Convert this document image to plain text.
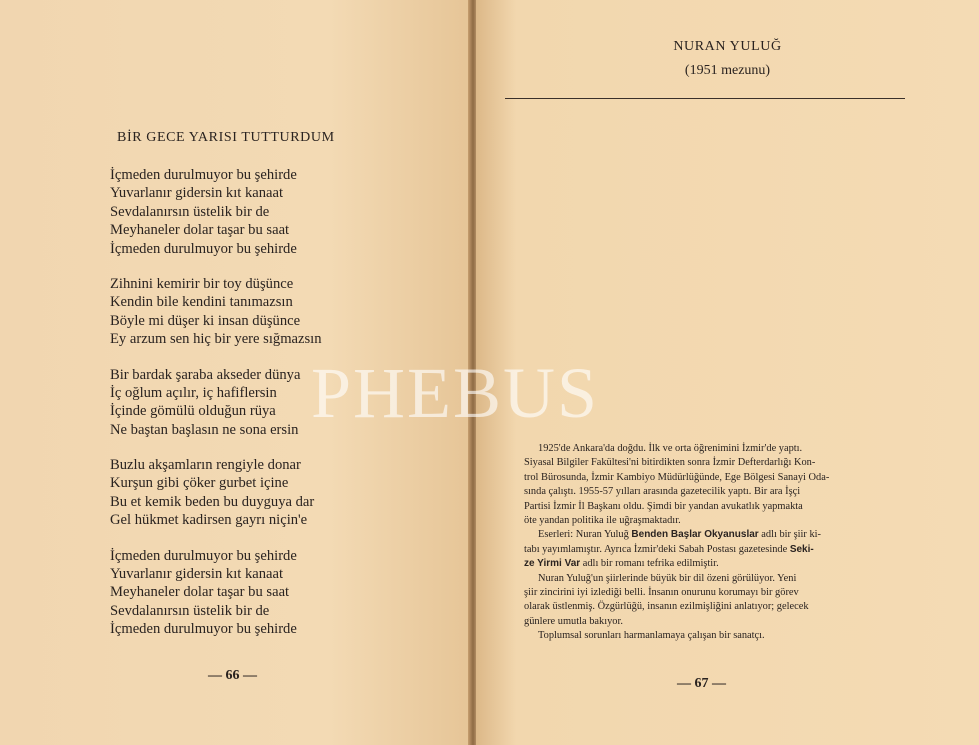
BİR GECE YARISI TUTTURDUM
İçmeden durulmuyor bu şehirde
Yuvarlanır gidersin kıt kanaat
Sevdalanırsın üstelik bir de
Meyhaneler dolar taşar bu saat
İçmeden durulmuyor bu şehirde
Zihnini kemirir bir toy düşünce
Kendin bile kendini tanımazsın
Böyle mi düşer ki insan düşünce
Ey arzum sen hiç bir yere sığmazsın
Bir bardak şaraba akseder dünya
İç oğlum açılır, iç hafiflersin
İçinde gömülü olduğun rüya
Ne baştan başlasın ne sona ersin
Buzlu akşamların rengiyle donar
Kurşun gibi çöker gurbet içine
Bu et kemik beden bu duyguya dar
Gel hükmet kadirsen gayrı niçin'e
İçmeden durulmuyor bu şehirde
Yuvarlanır gidersin kıt kanaat
Meyhaneler dolar taşar bu saat
Sevdalanırsın üstelik bir de
İçmeden durulmuyor bu şehirde
— 66 —
NURAN YULUĞ
(1951 mezunu)
1925'de Ankara'da doğdu. İlk ve orta öğrenimini İzmir'de yaptı.
Siyasal Bilgiler Fakültesi'ni bitirdikten sonra İzmir Defterdarlığı Kon-
trol Bürosunda, İzmir Kambiyo Müdürlüğünde, Ege Bölgesi Sanayi Oda-
sında çalıştı. 1955-57 yılları arasında gazetecilik yaptı. Bir ara İşçi
Partisi İzmir İl Başkanı oldu. Şimdi bir yandan avukatlık yapmakta
öte yandan politika ile uğraşmaktadır.
Eserleri: Nuran Yuluğ Benden Başlar Okyanuslar adlı bir şiir ki-
tabı yayımlamıştır. Ayrıca İzmir'deki Sabah Postası gazetesinde Seki-
ze Yirmi Var adlı bir romanı tefrika edilmiştir.
Nuran Yuluğ'un şiirlerinde büyük bir dil özeni görülüyor. Yeni
şiir zincirini iyi izlediği belli. İnsanın onurunu korumayı bir görev
olarak üstlenmiş. Özgürlüğü, insanın ezilmişliğini anlatıyor; gelecek
günlere umutla bakıyor.
Toplumsal sorunları harmanlamaya çalışan bir sanatçı.
— 67 —
PHEBUS
